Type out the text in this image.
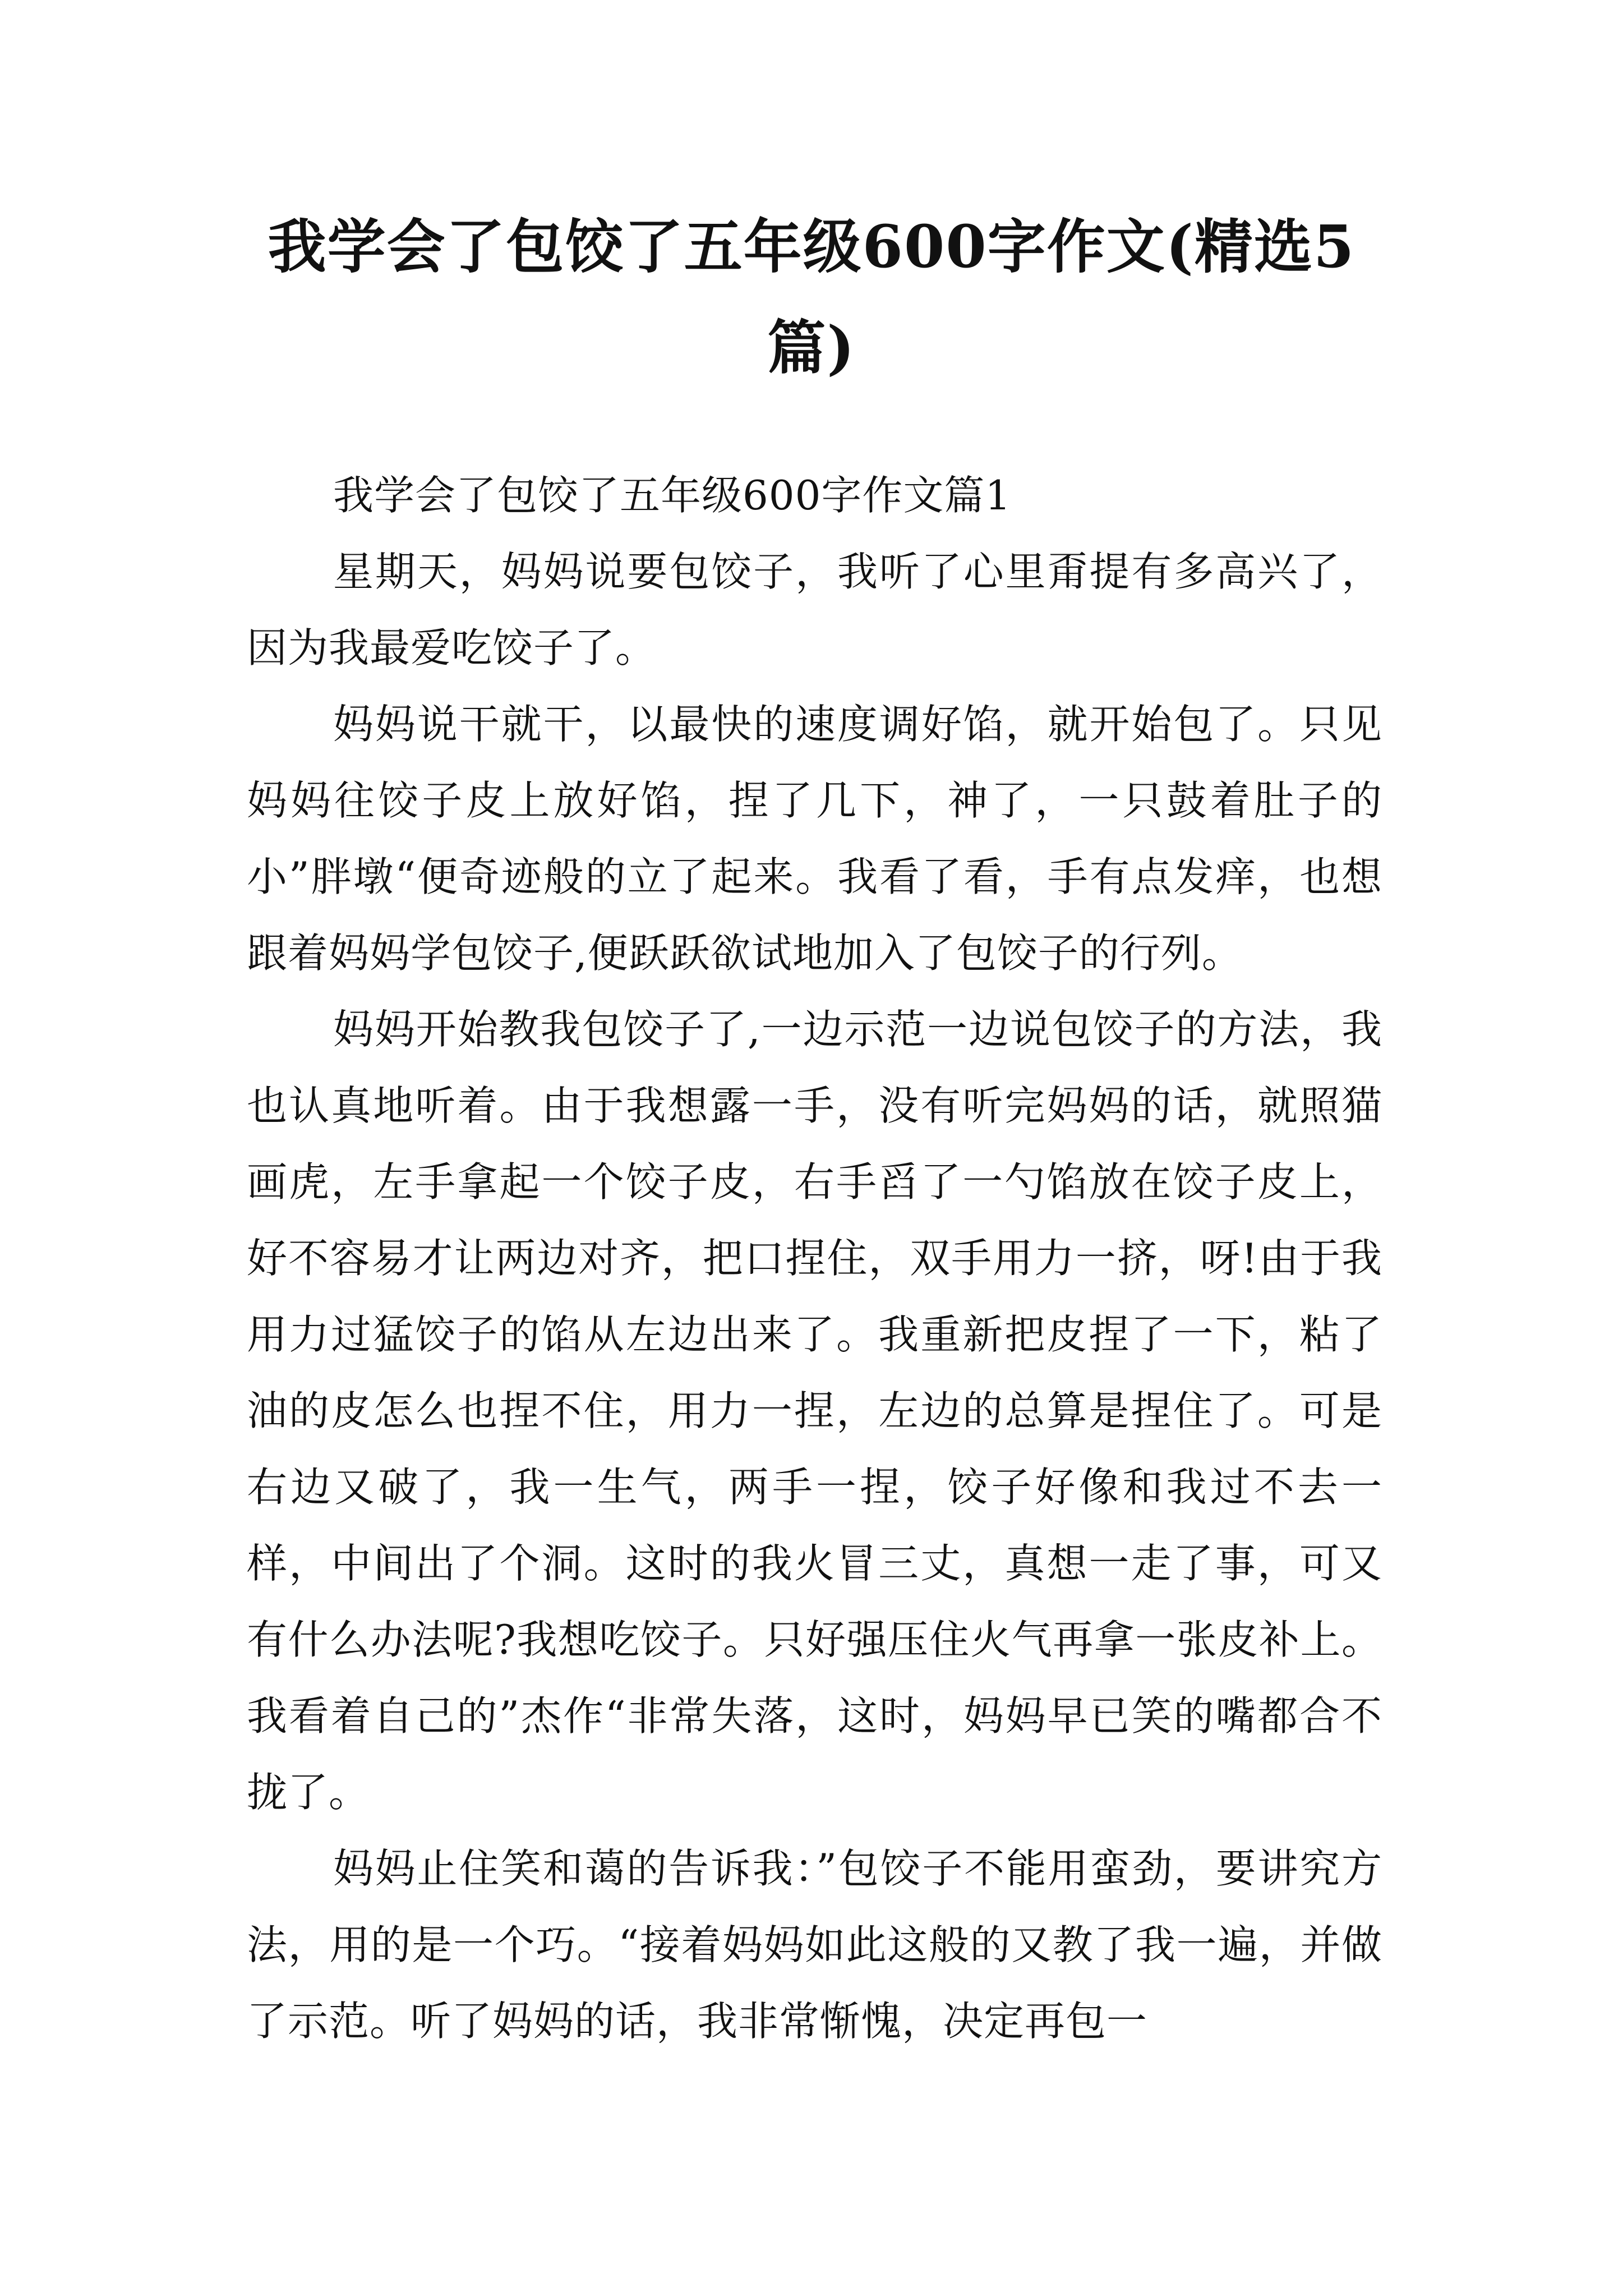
我学会了包饺了五年级600字作文(精选5篇)

我学会了包饺了五年级600字作文篇1

星期天，妈妈说要包饺子，我听了心里甭提有多高兴了，因为我最爱吃饺子了。

妈妈说干就干，以最快的速度调好馅，就开始包了。只见妈妈往饺子皮上放好馅，捏了几下，神了，一只鼓着肚子的小”胖墩“便奇迹般的立了起来。我看了看，手有点发痒，也想跟着妈妈学包饺子,便跃跃欲试地加入了包饺子的行列。

妈妈开始教我包饺子了,一边示范一边说包饺子的方法，我也认真地听着。由于我想露一手，没有听完妈妈的话，就照猫画虎，左手拿起一个饺子皮，右手舀了一勺馅放在饺子皮上，好不容易才让两边对齐，把口捏住，双手用力一挤，呀!由于我用力过猛饺子的馅从左边出来了。我重新把皮捏了一下，粘了油的皮怎么也捏不住，用力一捏，左边的总算是捏住了。可是右边又破了，我一生气，两手一捏，饺子好像和我过不去一样，中间出了个洞。这时的我火冒三丈，真想一走了事，可又有什么办法呢?我想吃饺子。只好强压住火气再拿一张皮补上。我看着自己的”杰作“非常失落，这时，妈妈早已笑的嘴都合不拢了。

妈妈止住笑和蔼的告诉我：”包饺子不能用蛮劲，要讲究方法，用的是一个巧。“接着妈妈如此这般的又教了我一遍，并做了示范。听了妈妈的话，我非常惭愧，决定再包一
